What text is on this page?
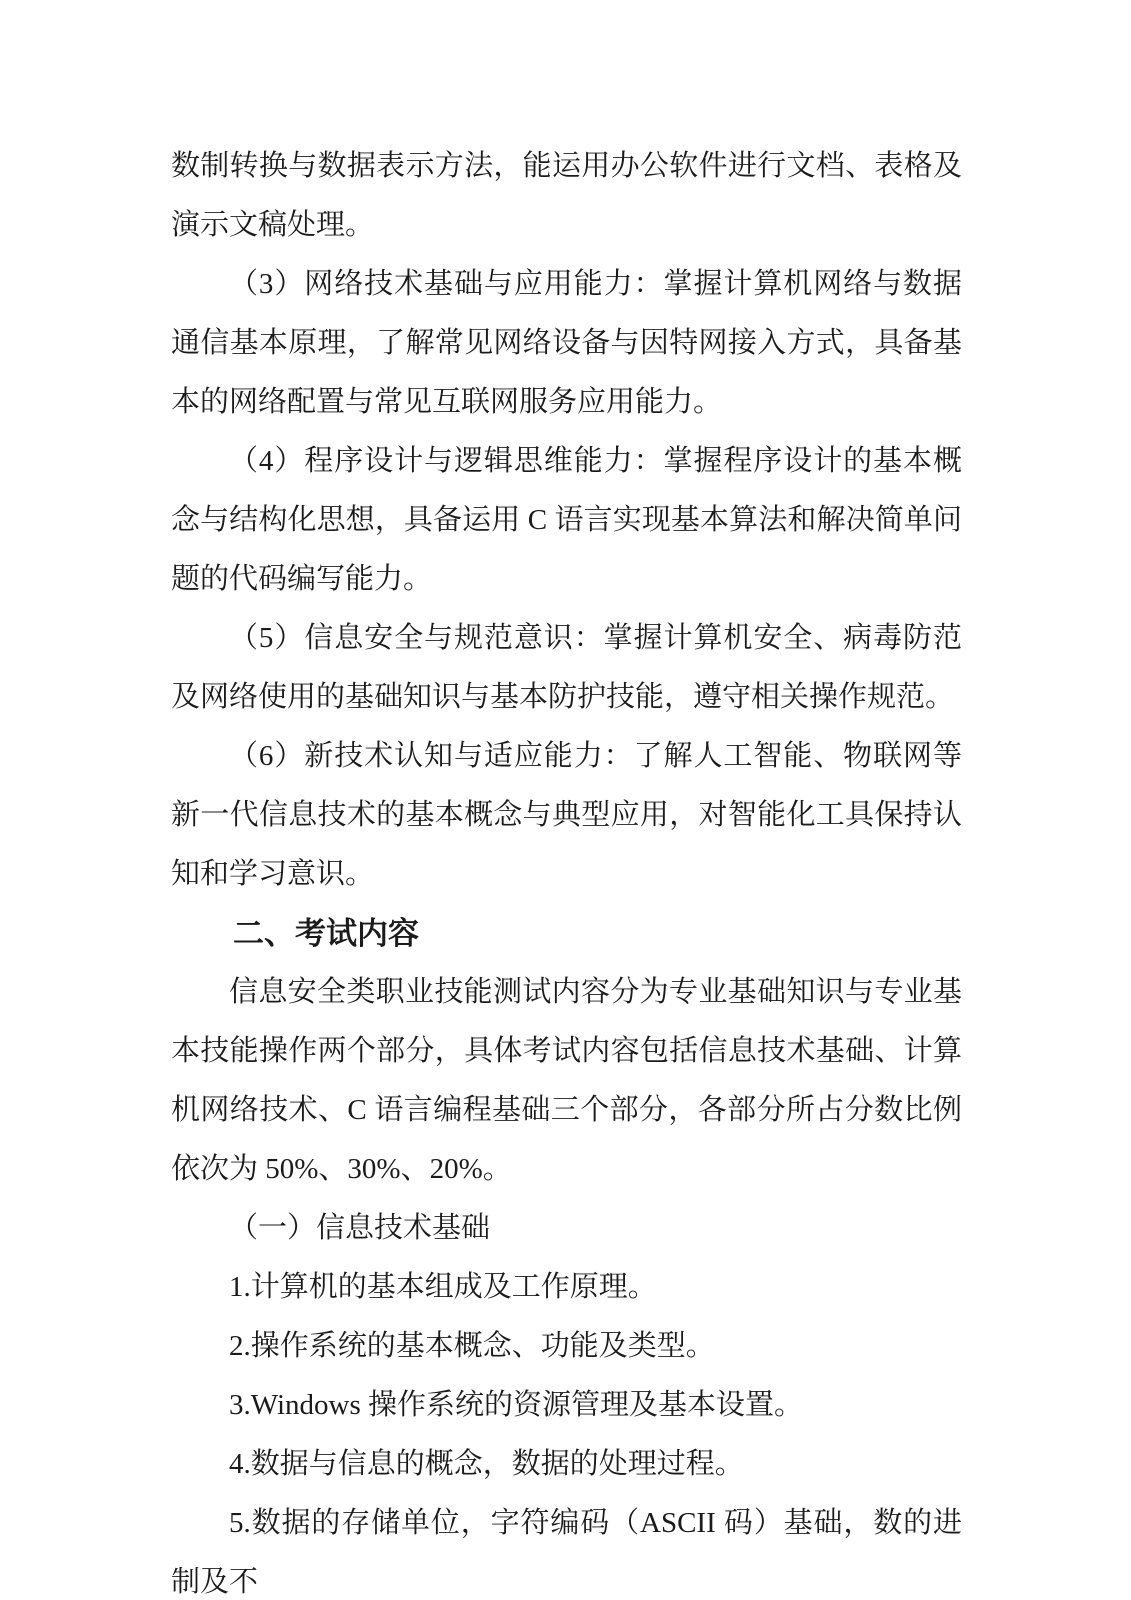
数制转换与数据表示方法，能运用办公软件进行文档、表格及演示文稿处理。

（3）网络技术基础与应用能力：掌握计算机网络与数据通信基本原理，了解常见网络设备与因特网接入方式，具备基本的网络配置与常见互联网服务应用能力。

（4）程序设计与逻辑思维能力：掌握程序设计的基本概念与结构化思想，具备运用 C 语言实现基本算法和解决简单问题的代码编写能力。

（5）信息安全与规范意识：掌握计算机安全、病毒防范及网络使用的基础知识与基本防护技能，遵守相关操作规范。

（6）新技术认知与适应能力：了解人工智能、物联网等新一代信息技术的基本概念与典型应用，对智能化工具保持认知和学习意识。

二、考试内容

信息安全类职业技能测试内容分为专业基础知识与专业基本技能操作两个部分，具体考试内容包括信息技术基础、计算机网络技术、C 语言编程基础三个部分，各部分所占分数比例依次为 50%、30%、20%。

（一）信息技术基础

1.计算机的基本组成及工作原理。

2.操作系统的基本概念、功能及类型。

3.Windows 操作系统的资源管理及基本设置。

4.数据与信息的概念，数据的处理过程。

5.数据的存储单位，字符编码（ASCII 码）基础，数的进制及不
